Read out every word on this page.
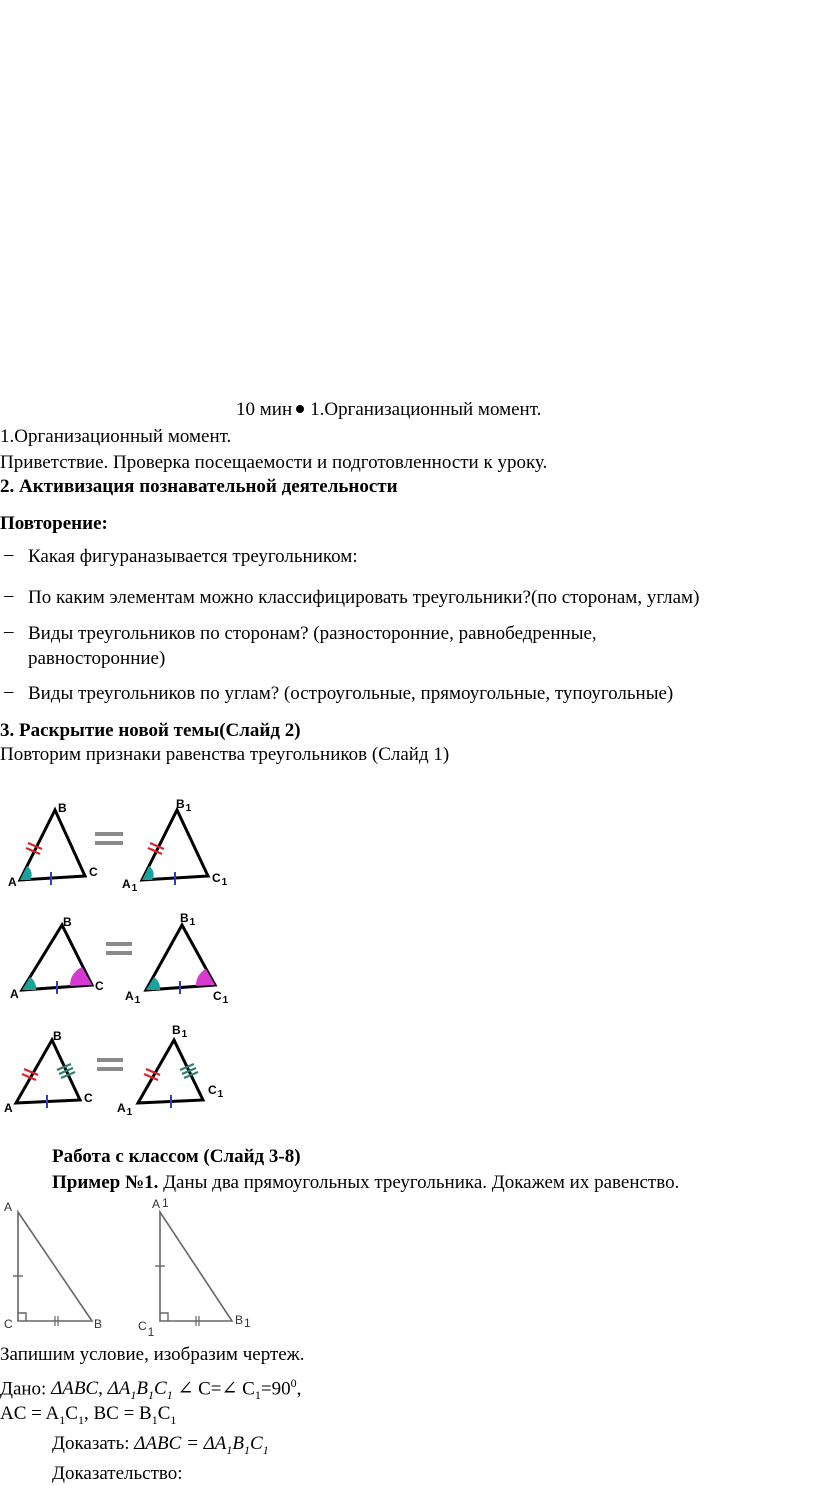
10 мин 1.Организационный момент.
1.Организационный момент.
Приветствие. Проверка посещаемости и подготовленности к уроку.
2. Активизация познавательной деятельности
Повторение:
– Какая фигураназывается треугольником:
– По каким элементам можно классифицировать треугольники?(по сторонам, углам)
– Виды треугольников по сторонам? (разносторонние, равнобедренные,
равносторонние)
– Виды треугольников по углам? (остроугольные, прямоугольные, тупоугольные)
3. Раскрытие новой темы(Слайд 2)
Повторим признаки равенства треугольников (Слайд 1)
A
B
C
$A_1$
$B_1$
$C_1$
A
B
C
$A_1$
$B_1$
$C_1$
A
B
C
$A_1$
$B_1$
$C_1$
Работа с классом (Слайд 3-8)
Пример №1. Даны два прямоугольных треугольника. Докажем их равенство.
A
C	B
A 1
C1
B1
Запишим условие, изобразим чертеж.
Дано: ΔABC, $\Delta A_1B_1C_1$ ∠ C=∠ $C_1=90^0$,
AC = $A_1C_1$, BC = $B_1C_1$
Доказать: $\Delta ABC = \Delta A_1B_1C_1$
Доказательство:
